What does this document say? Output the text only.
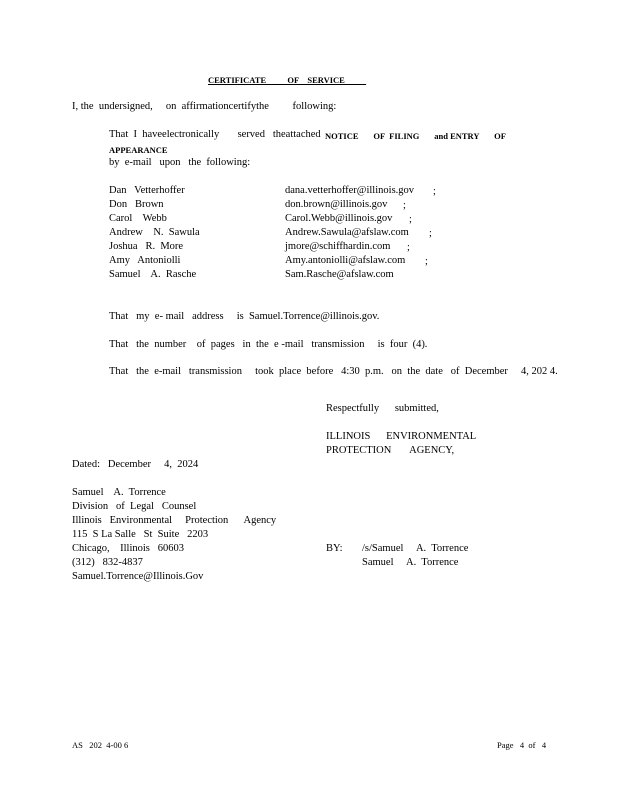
CERTIFICATE          OF    SERVICE
I, the  undersigned,     on  affirmationcertifythe         following:
That  I  haveelectronically       served   theattached NOTICE       OF  FILING       and ENTRY       OF
APPEARANCE
by  e-mail   upon   the  following:
Dan   Vetterhoffer	dana.vetterhoffer@illinois.gov ;
Don   Brown	don.brown@illinois.gov ;
Carol    Webb	Carol.Webb@illinois.gov ;
Andrew    N.  Sawula	Andrew.Sawula@afslaw.com ;
Joshua   R.  More	jmore@schiffhardin.com ;
Amy   Antoniolli	Amy.antoniolli@afslaw.com ;
Samuel    A.  Rasche	Sam.Rasche@afslaw.com
That   my  e- mail   address     is  Samuel.Torrence@illinois.gov.
That   the  number    of  pages   in  the  e -mail   transmission     is  four  (4).
That   the  e-mail   transmission     took  place  before   4:30  p.m.   on  the  date   of  December     4, 202 4.
Respectfully      submitted,
ILLINOIS      ENVIRONMENTAL
PROTECTION       AGENCY,
Dated:   December     4,  2024
Samuel    A.  Torrence
Division   of  Legal   Counsel
Illinois   Environmental     Protection      Agency
115  S La Salle   St  Suite   2203
Chicago,    Illinois   60603
(312)   832-4837
Samuel.Torrence@Illinois.Gov
BY: /s/Samuel     A.  Torrence
Samuel     A.  Torrence
AS   202  4-00 6	Page   4  of   4
